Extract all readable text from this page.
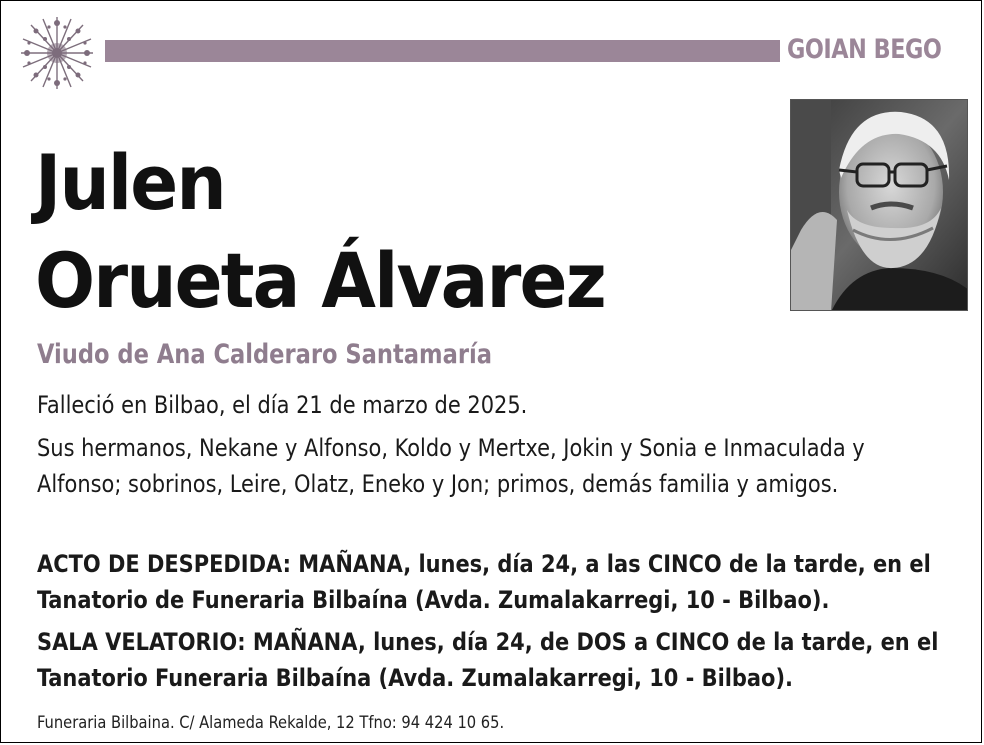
GOIAN BEGO
Julen
Orueta Álvarez
Viudo de Ana Calderaro Santamaría
Falleció en Bilbao, el día 21 de marzo de 2025.
Sus hermanos, Nekane y Alfonso, Koldo y Mertxe, Jokin y Sonia e Inmaculada y Alfonso; sobrinos, Leire, Olatz, Eneko y Jon; primos, demás familia y amigos.
ACTO DE DESPEDIDA: MAÑANA, lunes, día 24, a las CINCO de la tarde, en el Tanatorio de Funeraria Bilbaína (Avda. Zumalakarregi, 10 - Bilbao).
SALA VELATORIO: MAÑANA, lunes, día 24, de DOS a CINCO de la tarde, en el Tanatorio Funeraria Bilbaína (Avda. Zumalakarregi, 10 - Bilbao).
Funeraria Bilbaina. C/ Alameda Rekalde, 12 Tfno: 94 424 10 65.
